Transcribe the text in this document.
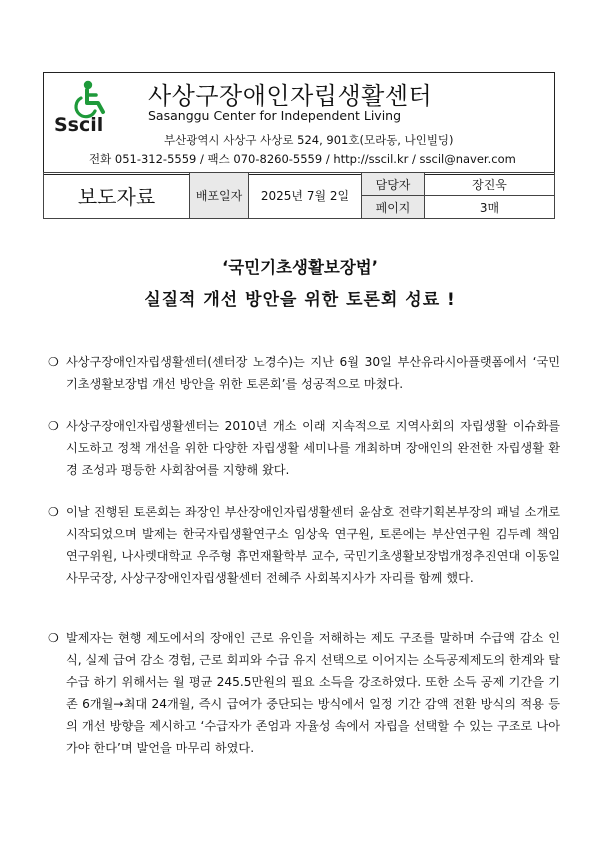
Sscil
사상구장애인자립생활센터
Sasanggu Center for Independent Living
부산광역시 사상구 사상로 524, 901호(모라동, 나인빌딩)
전화 051-312-5559 / 팩스 070-8260-5559 / http://sscil.kr / sscil@naver.com
보도자료	배포일자	2025년 7월 2일	담당자	장진욱
			페이지	3매
‘국민기초생활보장법’
실질적 개선 방안을 위한 토론회 성료 !
❍ 사상구장애인자립생활센터(센터장 노경수)는 지난 6월 30일 부산유라시아플랫폼에서 ‘국민기초생활보장법 개선 방안을 위한 토론회’를 성공적으로 마쳤다.
❍ 사상구장애인자립생활센터는 2010년 개소 이래 지속적으로 지역사회의 자립생활 이슈화를 시도하고 정책 개선을 위한 다양한 자립생활 세미나를 개최하며 장애인의 완전한 자립생활 환경 조성과 평등한 사회참여를 지향해 왔다.
❍ 이날 진행된 토론회는 좌장인 부산장애인자립생활센터 윤삼호 전략기획본부장의 패널 소개로 시작되었으며 발제는 한국자립생활연구소 임상욱 연구원, 토론에는 부산연구원 김두례 책임연구위원, 나사렛대학교 우주형 휴먼재활학부 교수, 국민기초생활보장법개정추진연대 이동일 사무국장, 사상구장애인자립생활센터 전혜주 사회복지사가 자리를 함께 했다.
❍ 발제자는 현행 제도에서의 장애인 근로 유인을 저해하는 제도 구조를 말하며 수급액 감소 인식, 실제 급여 감소 경험, 근로 회피와 수급 유지 선택으로 이어지는 소득공제제도의 한계와 탈수급 하기 위해서는 월 평균 245.5만원의 필요 소득을 강조하였다. 또한 소득 공제 기간을 기존 6개월→최대 24개월, 즉시 급여가 중단되는 방식에서 일정 기간 감액 전환 방식의 적용 등의 개선 방향을 제시하고 ‘수급자가 존엄과 자율성 속에서 자립을 선택할 수 있는 구조로 나아가야 한다’며 발언을 마무리 하였다.
